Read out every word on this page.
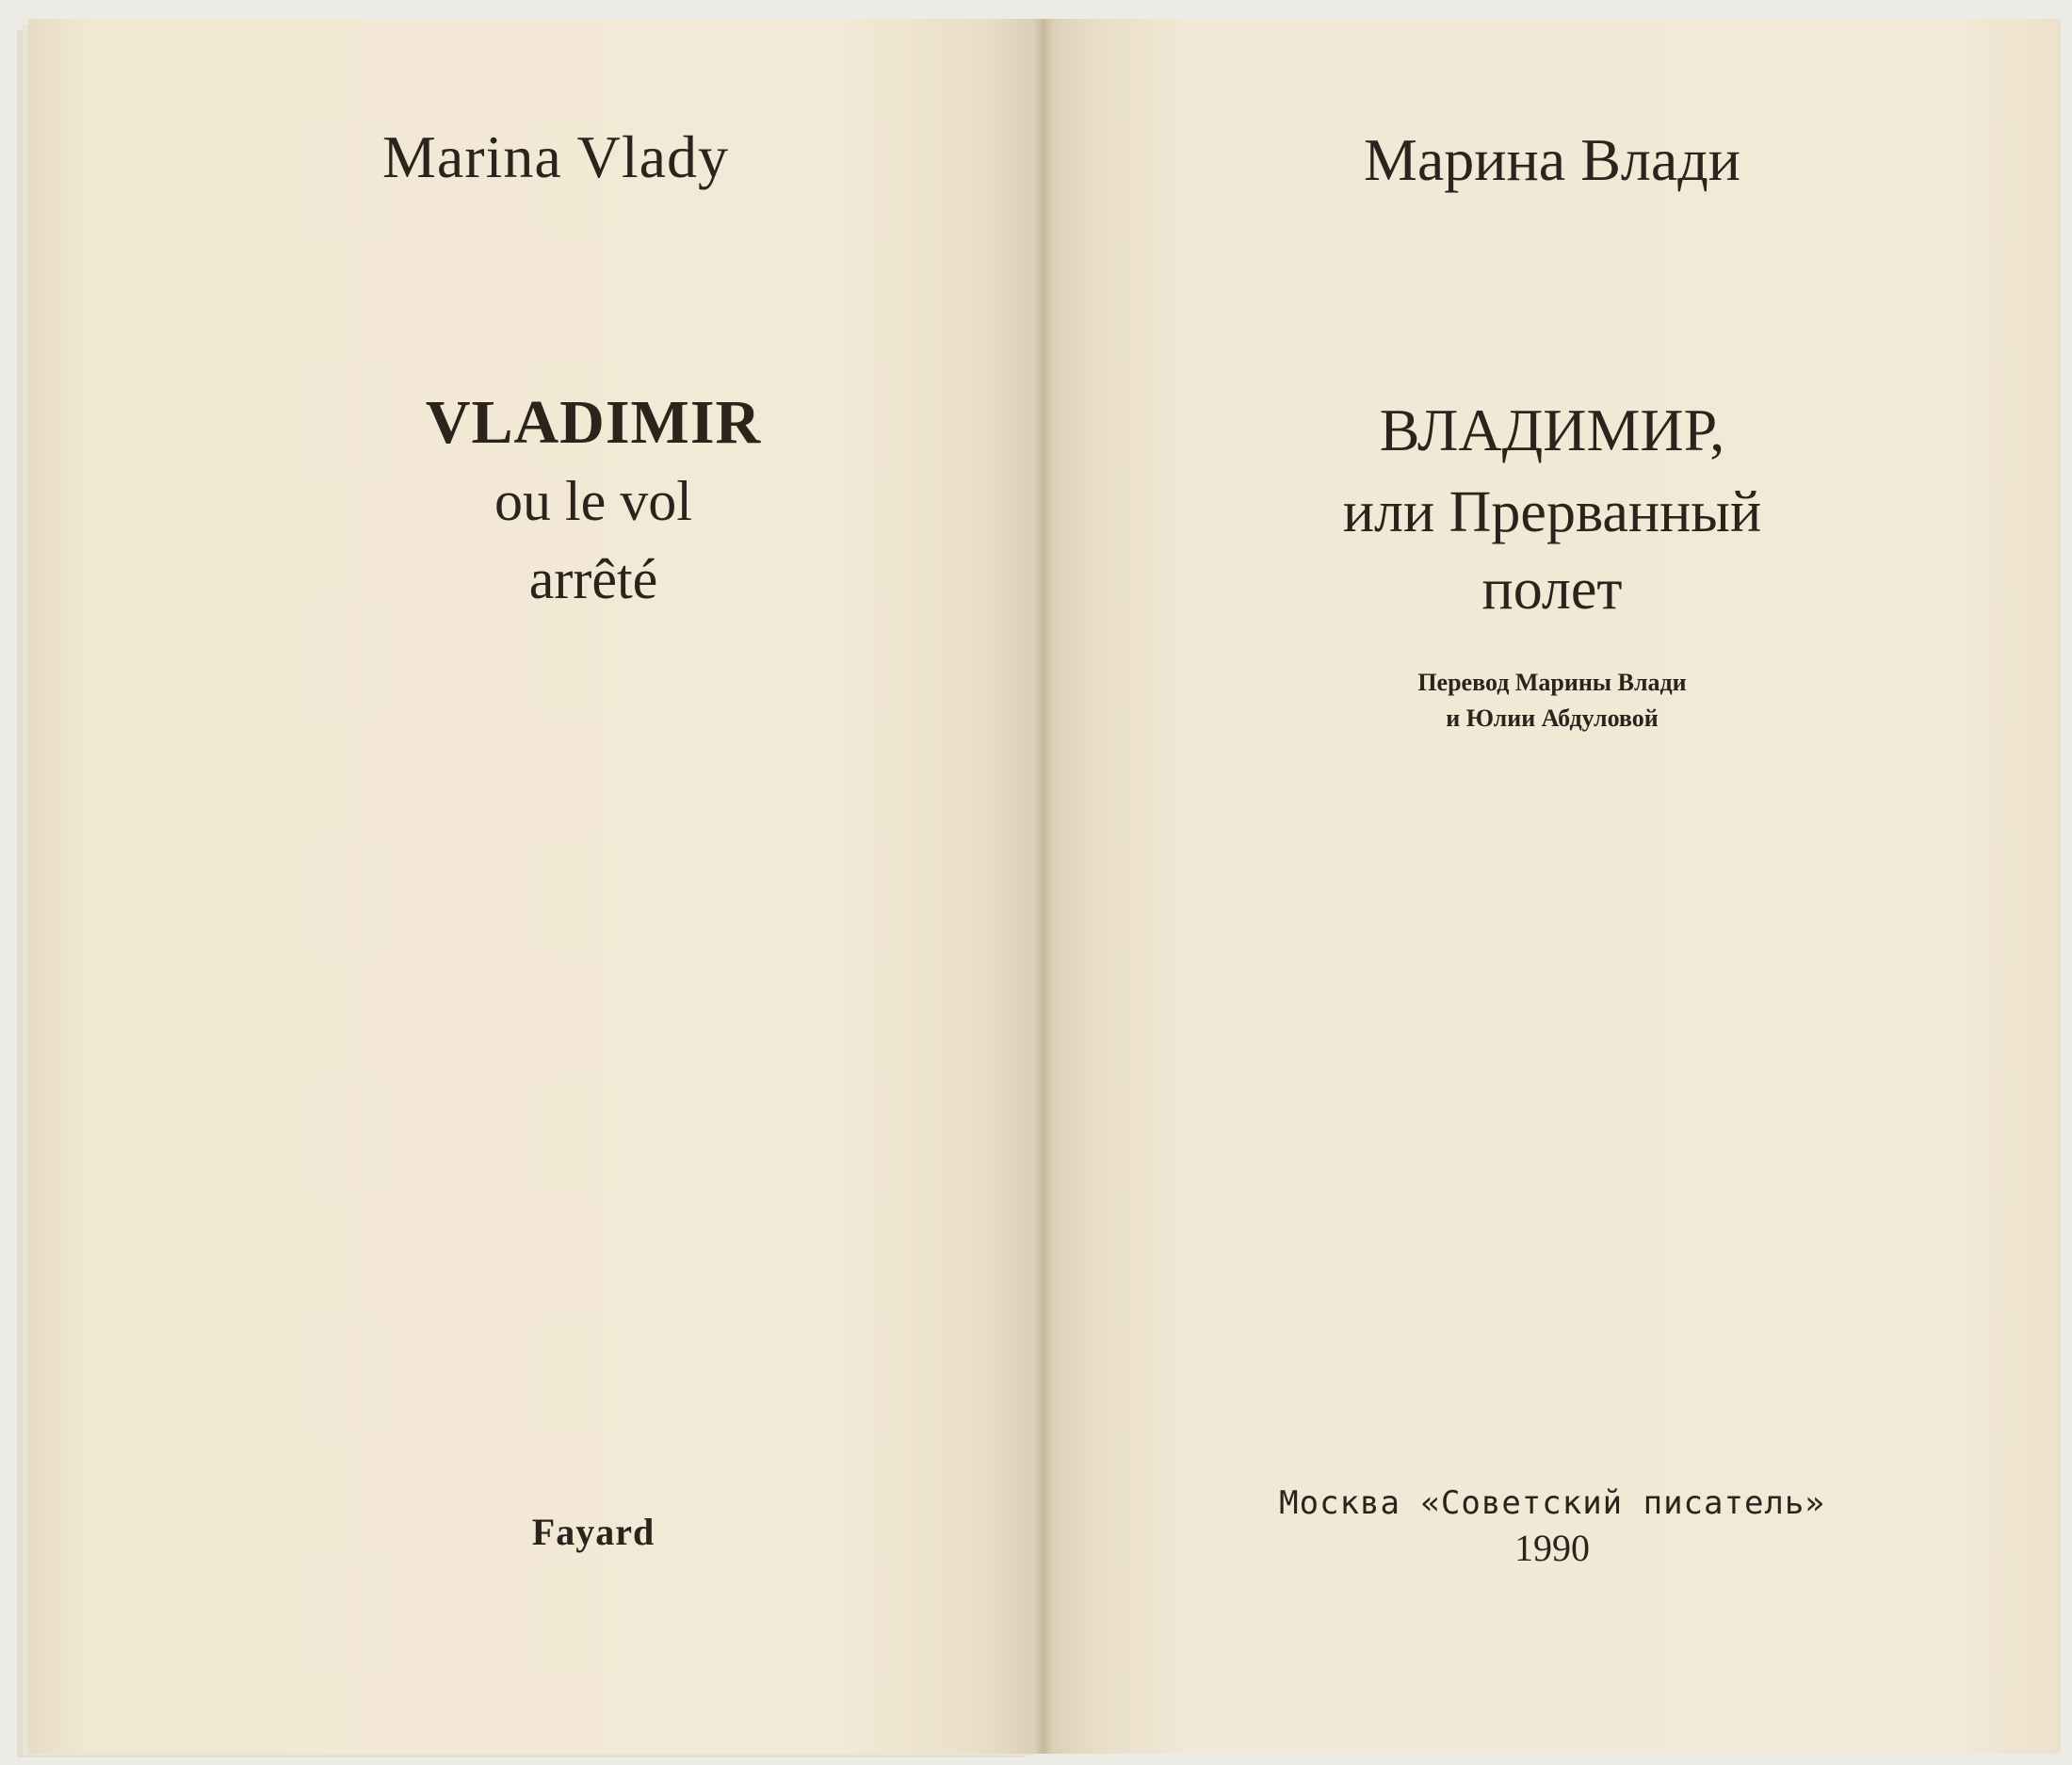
Marina Vlady
VLADIMIR
ou le vol
arrêté
Fayard
Марина Влади
ВЛАДИМИР,
или Прерванный
полет
Перевод Марины Влади
и Юлии Абдуловой
Москва «Советский писатель»
1990
